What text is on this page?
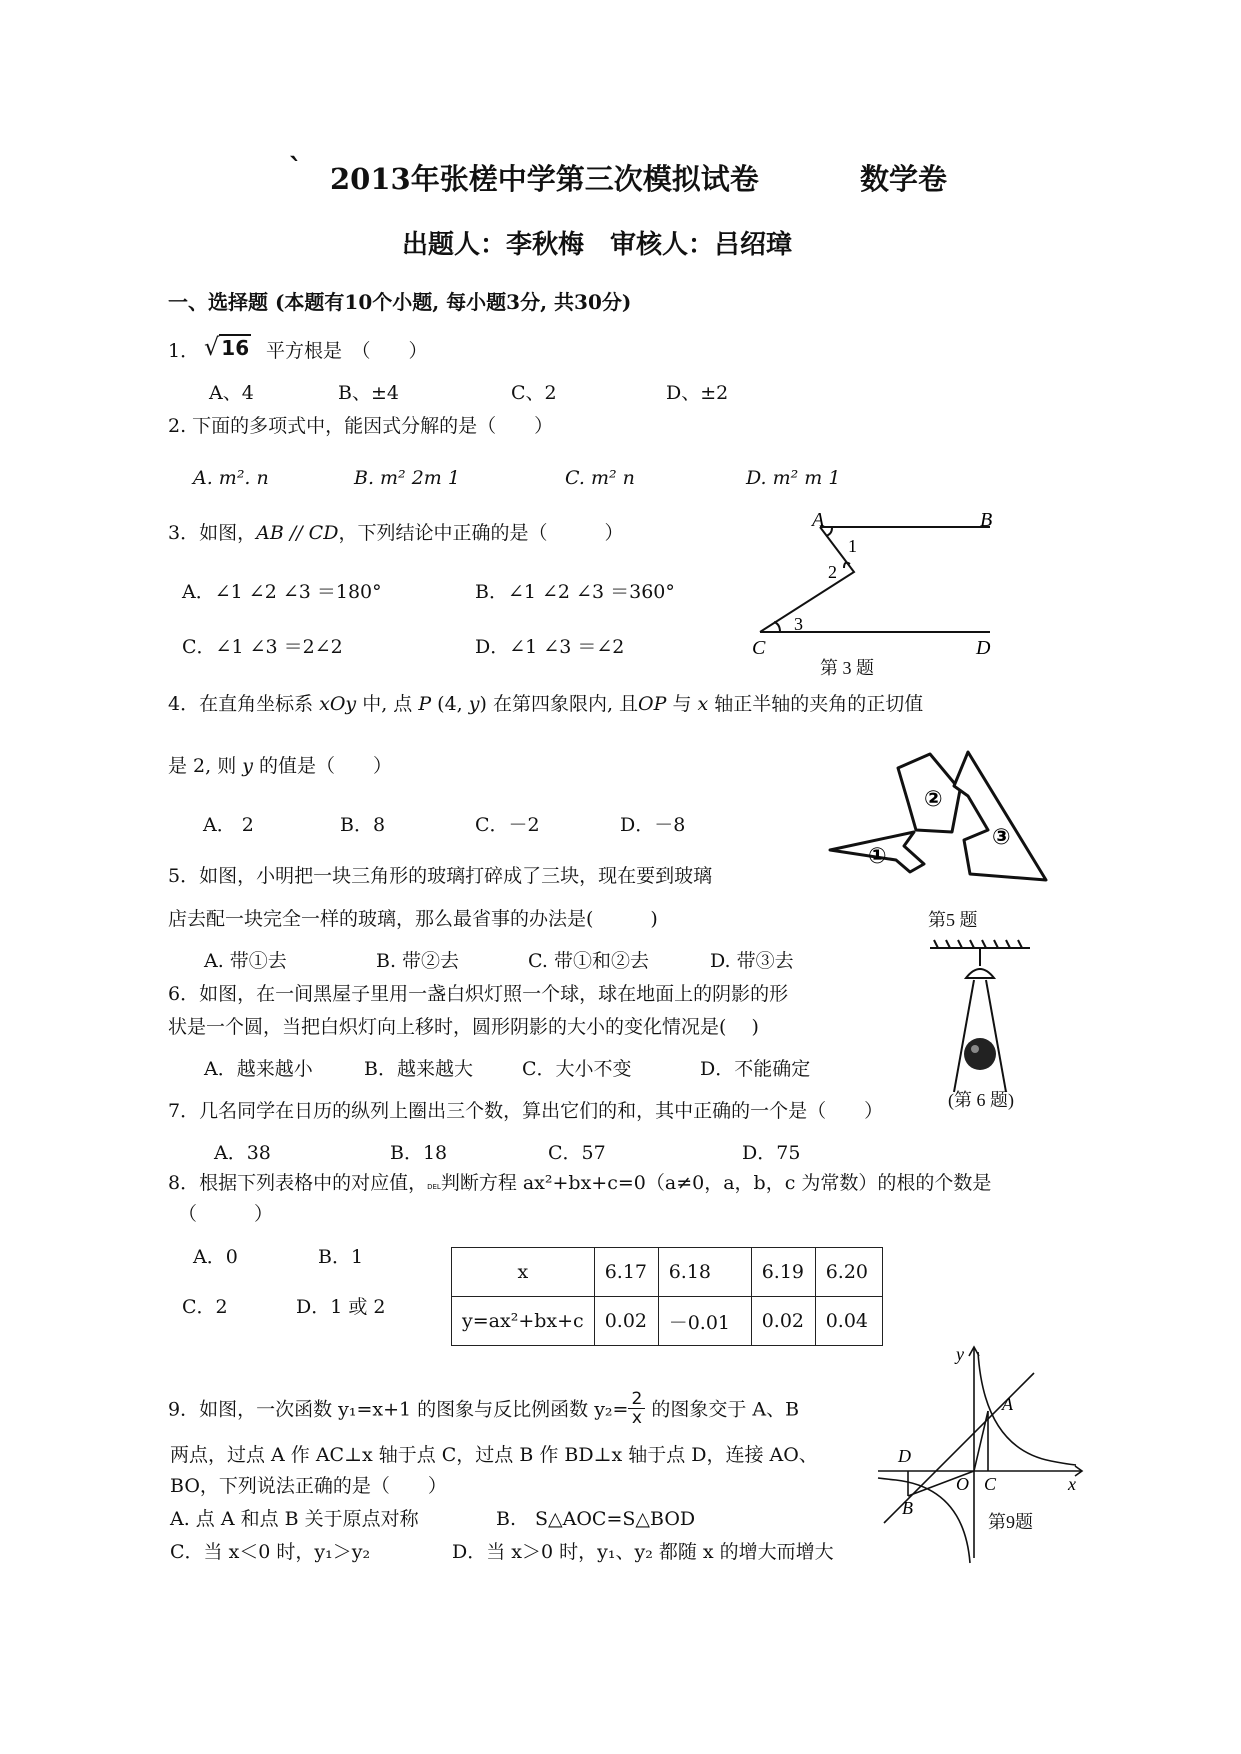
` 2013年张槎中学第三次模拟试卷	数学卷
出题人：李秋梅　审核人：吕绍璋
一、选择题 (本题有10个小题, 每小题3分, 共30分)
1． √ 16 平方根是　（　　）
A、4	B、±4	C、2	D、±2
2. 下面的多项式中，能因式分解的是（　　）
A. m². n	B. m² 2m 1	C. m² n	D. m² m 1
3．如图，AB // CD，下列结论中正确的是（　　　）
A．∠1 ∠2 ∠3 ＝180°	B．∠1 ∠2 ∠3 ＝360°
C．∠1 ∠3 ＝2∠2	D．∠1 ∠3 ＝∠2
A	B
C	D
1
2
3
第 3 题
4．在直角坐标系 xOy 中, 点 P (4, y) 在第四象限内, 且OP 与 x 轴正半轴的夹角的正切值
是 2, 则 y 的值是（　　）
A． 2	B．8	C．－2	D．－8
①
②
③
第5 题
5．如图，小明把一块三角形的玻璃打碎成了三块，现在要到玻璃
店去配一块完全一样的玻璃，那么最省事的办法是(　　　)
A. 带①去	B. 带②去	C. 带①和②去	D. 带③去
6．如图，在一间黑屋子里用一盏白炽灯照一个球，球在地面上的阴影的形
状是一个圆，当把白炽灯向上移时，圆形阴影的大小的变化情况是(　 )
A．越来越小	B．越来越大	C．大小不变	D．不能确定
(第 6 题)
7．几名同学在日历的纵列上圈出三个数，算出它们的和，其中正确的一个是（　　）
A．38	B．18	C．57	D．75
8．根据下列表格中的对应值，DEL判断方程 ax²+bx+c=0（a≠0，a，b，c 为常数）的根的个数是
（　　　）
A．0	B．1
C．2	D．1 或 2
x	6.17	6.18	6.19	6.20
y=ax²+bx+c	0.02	－0.01	0.02	0.04
9．如图，一次函数 y₁=x+1 的图象与反比例函数 $y_2= \frac{2}{x}$ 的图象交于 A、B
两点，过点 A 作 AC⊥x 轴于点 C，过点 B 作 BD⊥x 轴于点 D，连接 AO、
BO，下列说法正确的是（　　）
A. 点 A 和点 B 关于原点对称	B.　S△AOC=S△BOD
C．当 x＜0 时，y₁＞y₂	D．当 x＞0 时，y₁、y₂ 都随 x 的增大而增大
y
A
D
B
O C	x
第9题
